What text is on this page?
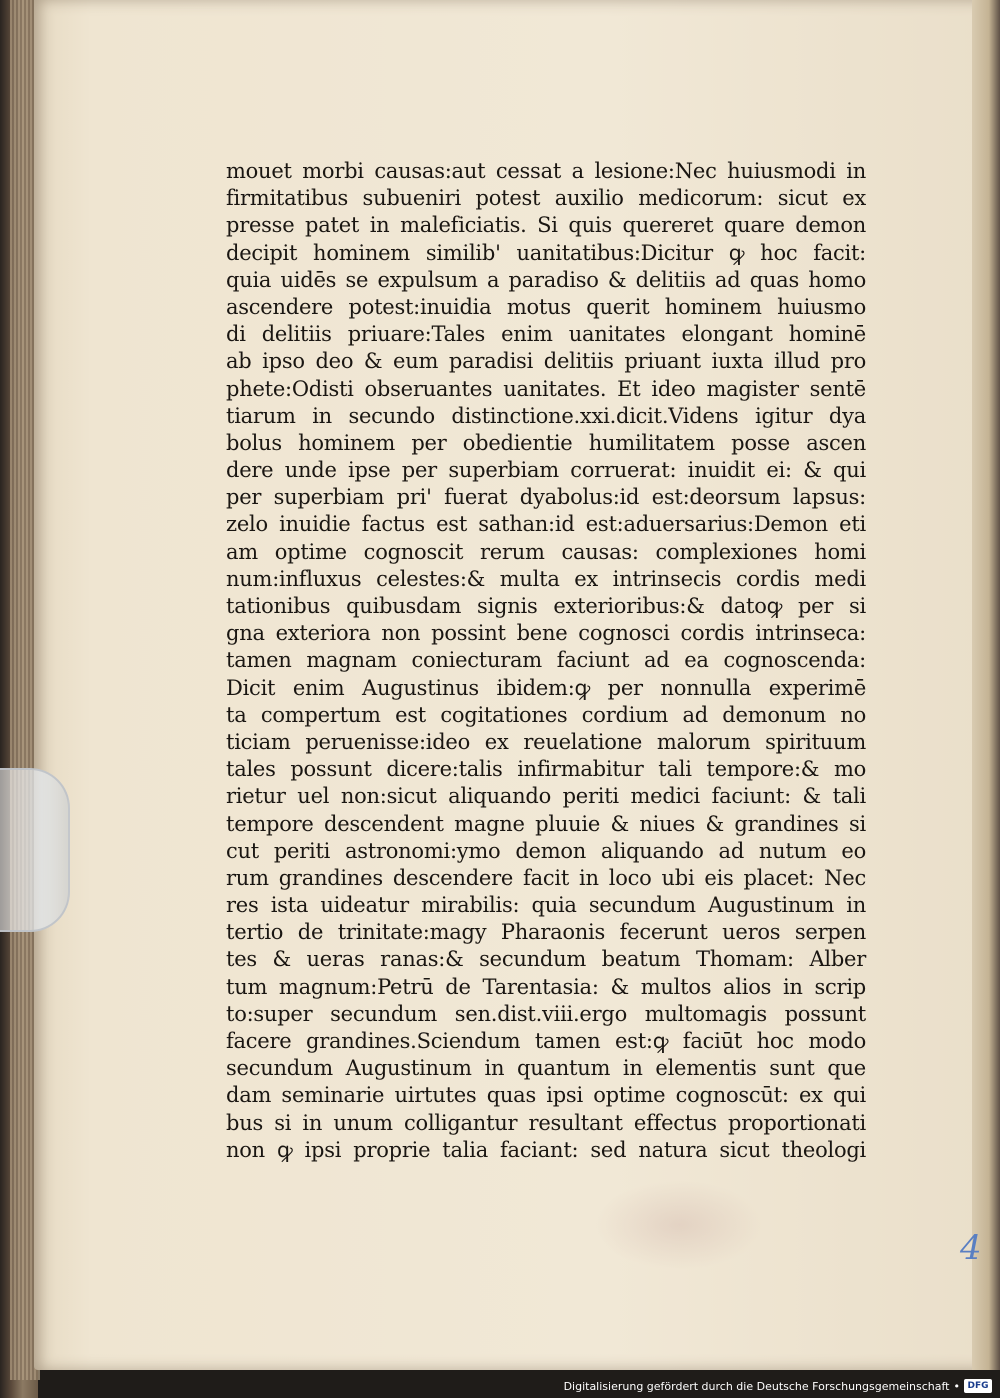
mouet morbi causas:aut cessat a lesione:Nec huiusmodi in
firmitatibus subueniri potest auxilio medicorum: sicut ex
presse patet in maleficiatis. Si quis quereret quare demon
decipit hominem similib' uanitatibus:Dicitur ꝙ hoc facit:
quia uidēs se expulsum a paradiso & delitiis ad quas homo
ascendere potest:inuidia motus querit hominem huiusmo
di delitiis priuare:Tales enim uanitates elongant hominē
ab ipso deo & eum paradisi delitiis priuant iuxta illud pro
phete:Odisti obseruantes uanitates. Et ideo magister sentē
tiarum in secundo distinctione.xxi.dicit.Videns igitur dya
bolus hominem per obedientie humilitatem posse ascen
dere unde ipse per superbiam corruerat: inuidit ei: & qui
per superbiam pri' fuerat dyabolus:id est:deorsum lapsus:
zelo inuidie factus est sathan:id est:aduersarius:Demon eti
am optime cognoscit rerum causas: complexiones homi
num:influxus celestes:& multa ex intrinsecis cordis medi
tationibus quibusdam signis exterioribus:& datoꝙ per si
gna exteriora non possint bene cognosci cordis intrinseca:
tamen magnam coniecturam faciunt ad ea cognoscenda:
Dicit enim Augustinus ibidem:ꝙ per nonnulla experimē
ta compertum est cogitationes cordium ad demonum no
ticiam peruenisse:ideo ex reuelatione malorum spirituum
tales possunt dicere:talis infirmabitur tali tempore:& mo
rietur uel non:sicut aliquando periti medici faciunt: & tali
tempore descendent magne pluuie & niues & grandines si
cut periti astronomi:ymo demon aliquando ad nutum eo
rum grandines descendere facit in loco ubi eis placet: Nec
res ista uideatur mirabilis: quia secundum Augustinum in
tertio de trinitate:magy Pharaonis fecerunt ueros serpen
tes & ueras ranas:& secundum beatum Thomam: Alber
tum magnum:Petrū de Tarentasia: & multos alios in scrip
to:super secundum sen.dist.viii.ergo multomagis possunt
facere grandines.Sciendum tamen est:ꝙ faciūt hoc modo
secundum Augustinum in quantum in elementis sunt que
dam seminarie uirtutes quas ipsi optime cognoscūt: ex qui
bus si in unum colligantur resultant effectus proportionati
non ꝙ ipsi proprie talia faciant: sed natura sicut theologi
4
Digitalisierung gefördert durch die Deutsche Forschungsgemeinschaft • DFG
